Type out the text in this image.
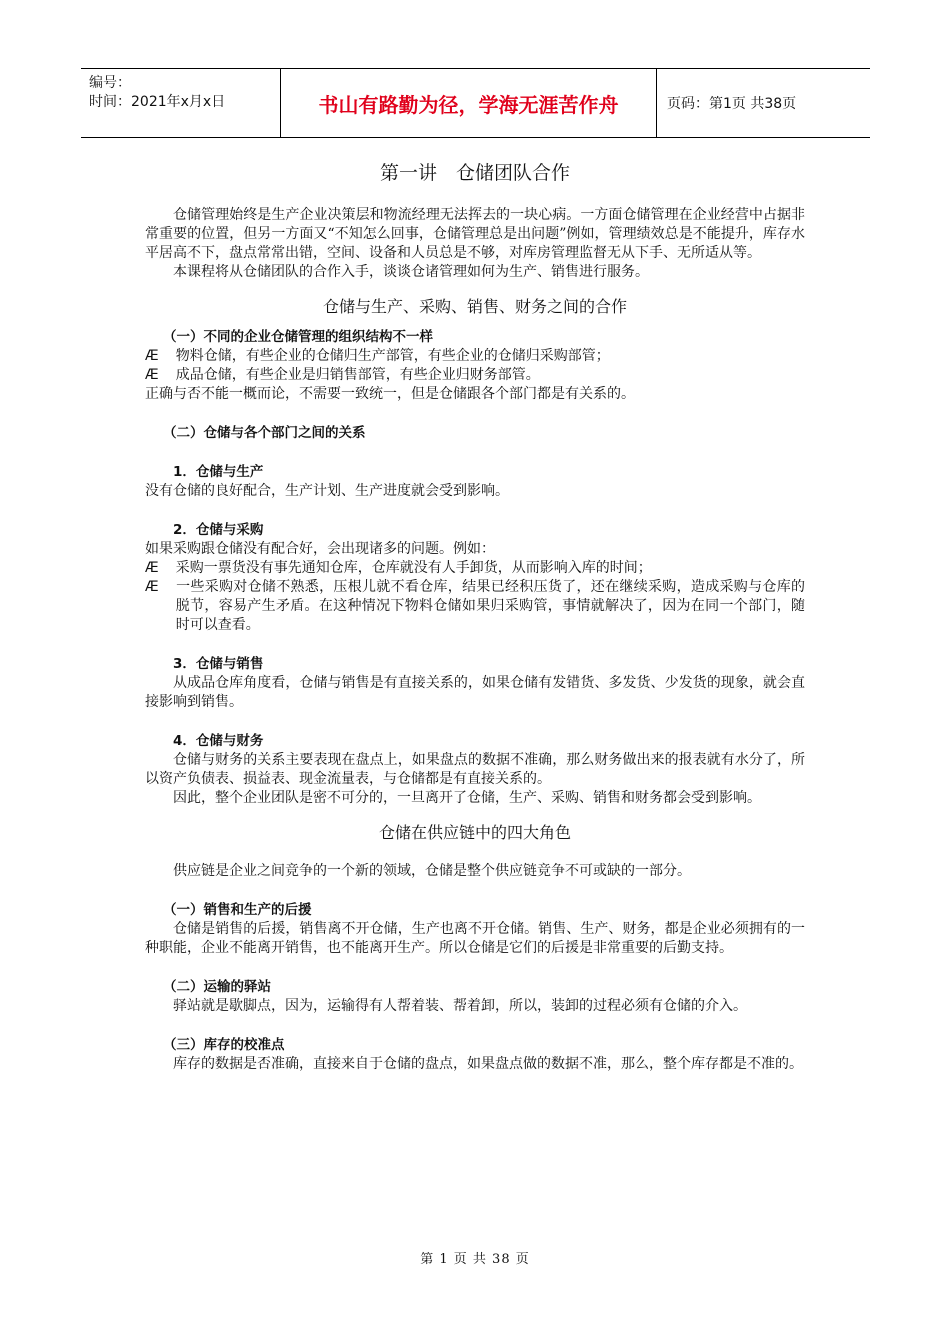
编号：
时间：2021年x月x日	书山有路勤为径，学海无涯苦作舟	页码：第1页 共38页
第一讲　仓储团队合作

仓储管理始终是生产企业决策层和物流经理无法挥去的一块心病。一方面仓储管理在企业经营中占据非常重要的位置，但另一方面又“不知怎么回事，仓储管理总是出问题”例如，管理绩效总是不能提升，库存水平居高不下，盘点常常出错，空间、设备和人员总是不够，对库房管理监督无从下手、无所适从等。

本课程将从仓储团队的合作入手，谈谈仓诸管理如何为生产、销售进行服务。

仓储与生产、采购、销售、财务之间的合作

（一）不同的企业仓储管理的组织结构不一样

Æ 物料仓储，有些企业的仓储归生产部管，有些企业的仓储归采购部管；

Æ 成品仓储，有些企业是归销售部管，有些企业归财务部管。

正确与否不能一概而论，不需要一致统一，但是仓储跟各个部门都是有关系的。

（二）仓储与各个部门之间的关系

1．仓储与生产

没有仓储的良好配合，生产计划、生产进度就会受到影响。

2．仓储与采购

如果采购跟仓储没有配合好，会出现诸多的问题。例如：

Æ 采购一票货没有事先通知仓库，仓库就没有人手卸货，从而影响入库的时间；

Æ 一些采购对仓储不熟悉，压根儿就不看仓库，结果已经积压货了，还在继续采购，造成采购与仓库的脱节，容易产生矛盾。在这种情况下物料仓储如果归采购管，事情就解决了，因为在同一个部门，随时可以查看。

3．仓储与销售

从成品仓库角度看，仓储与销售是有直接关系的，如果仓储有发错货、多发货、少发货的现象，就会直接影响到销售。

4．仓储与财务

仓储与财务的关系主要表现在盘点上，如果盘点的数据不准确，那么财务做出来的报表就有水分了，所以资产负债表、损益表、现金流量表，与仓储都是有直接关系的。

因此，整个企业团队是密不可分的，一旦离开了仓储，生产、采购、销售和财务都会受到影响。

仓储在供应链中的四大角色

供应链是企业之间竞争的一个新的领域，仓储是整个供应链竞争不可或缺的一部分。

（一）销售和生产的后援

仓储是销售的后援，销售离不开仓储，生产也离不开仓储。销售、生产、财务，都是企业必须拥有的一种职能，企业不能离开销售，也不能离开生产。所以仓储是它们的后援是非常重要的后勤支持。

（二）运输的驿站

驿站就是歇脚点，因为，运输得有人帮着装、帮着卸，所以，装卸的过程必须有仓储的介入。

（三）库存的校准点

库存的数据是否准确，直接来自于仓储的盘点，如果盘点做的数据不准，那么，整个库存都是不准的。

第 1 页 共 38 页
